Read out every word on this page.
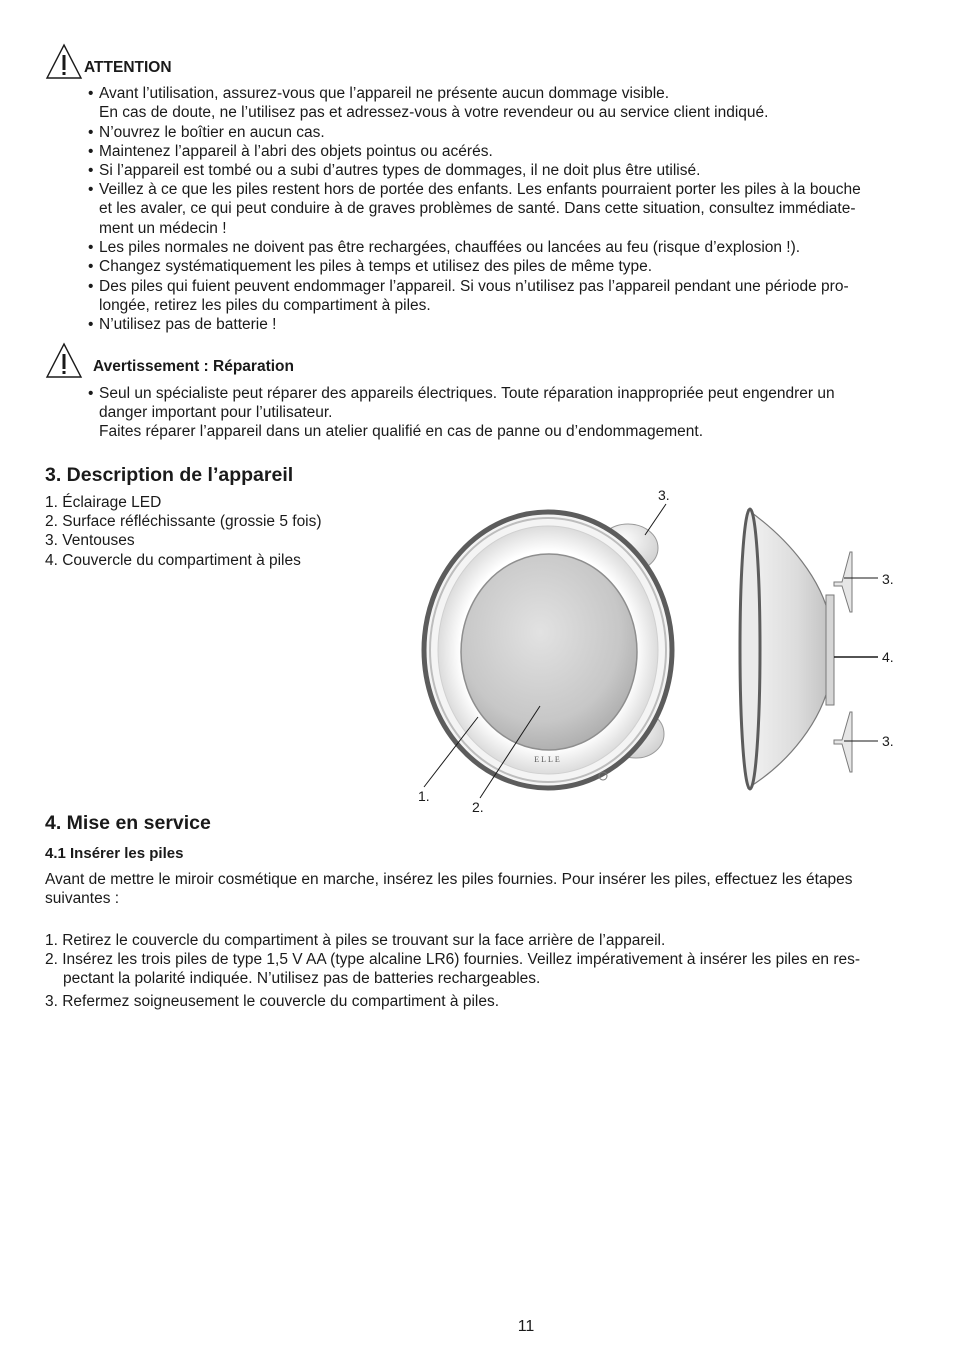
ATTENTION
• Avant l’utilisation, assurez-vous que l’appareil ne présente aucun dommage visible.
En cas de doute, ne l’utilisez pas et adressez-vous à votre revendeur ou au service client indiqué.
• N’ouvrez le boîtier en aucun cas.
• Maintenez l’appareil à l’abri des objets pointus ou acérés.
• Si l’appareil est tombé ou a subi d’autres types de dommages, il ne doit plus être utilisé.
• Veillez à ce que les piles restent hors de portée des enfants. Les enfants pourraient porter les piles à la bouche
et les avaler, ce qui peut conduire à de graves problèmes de santé. Dans cette situation, consultez immédiate-
ment un médecin !
• Les piles normales ne doivent pas être rechargées, chauffées ou lancées au feu (risque d’explosion !).
• Changez systématiquement les piles à temps et utilisez des piles de même type.
• Des piles qui fuient peuvent endommager l’appareil. Si vous n’utilisez pas l’appareil pendant une période pro-
longée, retirez les piles du compartiment à piles.
• N’utilisez pas de batterie !
Avertissement : Réparation
• Seul un spécialiste peut réparer des appareils électriques. Toute réparation inappropriée peut engendrer un
danger important pour l’utilisateur.
Faites réparer l’appareil dans un atelier qualifié en cas de panne ou d’endommagement.
3. Description de l’appareil
1. Éclairage LED
2. Surface réfléchissante (grossie 5 fois)
3. Ventouses
4. Couvercle du compartiment à piles
ELLE
3.
1.
2.
3.
4.
3.
4. Mise en service
4.1 Insérer les piles
Avant de mettre le miroir cosmétique en marche, insérez les piles fournies. Pour insérer les piles, effectuez les étapes
suivantes :
1. Retirez le couvercle du compartiment à piles se trouvant sur la face arrière de l’appareil.
2. Insérez les trois piles de type 1,5 V AA (type alcaline LR6) fournies. Veillez impérativement à insérer les piles en res-
pectant la polarité indiquée. N’utilisez pas de batteries rechargeables.
3. Refermez soigneusement le couvercle du compartiment à piles.
11
